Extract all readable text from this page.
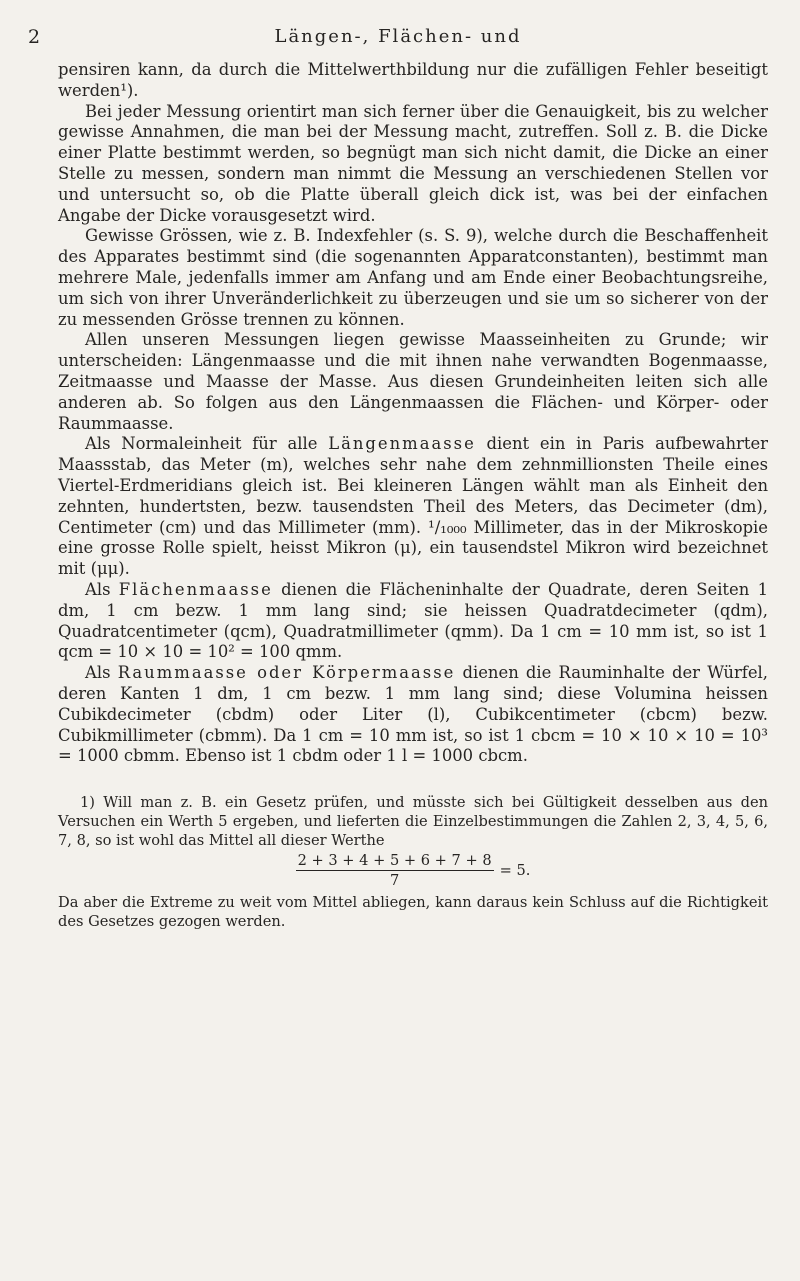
2	Längen-, Flächen- und

pensiren kann, da durch die Mittelwerthbildung nur die zufälligen Fehler beseitigt werden¹).

Bei jeder Messung orientirt man sich ferner über die Genauigkeit, bis zu welcher gewisse Annahmen, die man bei der Messung macht, zutreffen. Soll z. B. die Dicke einer Platte bestimmt werden, so begnügt man sich nicht damit, die Dicke an einer Stelle zu messen, sondern man nimmt die Messung an verschiedenen Stellen vor und untersucht so, ob die Platte überall gleich dick ist, was bei der einfachen Angabe der Dicke vorausgesetzt wird.

Gewisse Grössen, wie z. B. Indexfehler (s. S. 9), welche durch die Beschaffenheit des Apparates bestimmt sind (die sogenannten Apparatconstanten), bestimmt man mehrere Male, jedenfalls immer am Anfang und am Ende einer Beobachtungsreihe, um sich von ihrer Unveränderlichkeit zu überzeugen und sie um so sicherer von der zu messenden Grösse trennen zu können.

Allen unseren Messungen liegen gewisse Maasseinheiten zu Grunde; wir unterscheiden: Längenmaasse und die mit ihnen nahe verwandten Bogenmaasse, Zeitmaasse und Maasse der Masse. Aus diesen Grundeinheiten leiten sich alle anderen ab. So folgen aus den Längenmaassen die Flächen- und Körper- oder Raummaasse.

Als Normaleinheit für alle Längenmaasse dient ein in Paris aufbewahrter Maassstab, das Meter (m), welches sehr nahe dem zehnmillionsten Theile eines Viertel-Erdmeridians gleich ist. Bei kleineren Längen wählt man als Einheit den zehnten, hundertsten, bezw. tausendsten Theil des Meters, das Decimeter (dm), Centimeter (cm) und das Millimeter (mm). ¹/₁₀₀₀ Millimeter, das in der Mikroskopie eine grosse Rolle spielt, heisst Mikron (μ), ein tausendstel Mikron wird bezeichnet mit (μμ).

Als Flächenmaasse dienen die Flächeninhalte der Quadrate, deren Seiten 1 dm, 1 cm bezw. 1 mm lang sind; sie heissen Quadratdecimeter (qdm), Quadratcentimeter (qcm), Quadratmillimeter (qmm). Da 1 cm = 10 mm ist, so ist 1 qcm = 10 × 10 = 10² = 100 qmm.

Als Raummaasse oder Körpermaasse dienen die Rauminhalte der Würfel, deren Kanten 1 dm, 1 cm bezw. 1 mm lang sind; diese Volumina heissen Cubikdecimeter (cbdm) oder Liter (l), Cubikcentimeter (cbcm) bezw. Cubikmillimeter (cbmm). Da 1 cm = 10 mm ist, so ist 1 cbcm = 10 × 10 × 10 = 10³ = 1000 cbmm. Ebenso ist 1 cbdm oder 1 l = 1000 cbcm.

1) Will man z. B. ein Gesetz prüfen, und müsste sich bei Gültigkeit desselben aus den Versuchen ein Werth 5 ergeben, und lieferten die Einzelbestimmungen die Zahlen 2, 3, 4, 5, 6, 7, 8, so ist wohl das Mittel all dieser Werthe

$\frac{2 + 3 + 4 + 5 + 6 + 7 + 8}{7} = 5$.

Da aber die Extreme zu weit vom Mittel abliegen, kann daraus kein Schluss auf die Richtigkeit des Gesetzes gezogen werden.
